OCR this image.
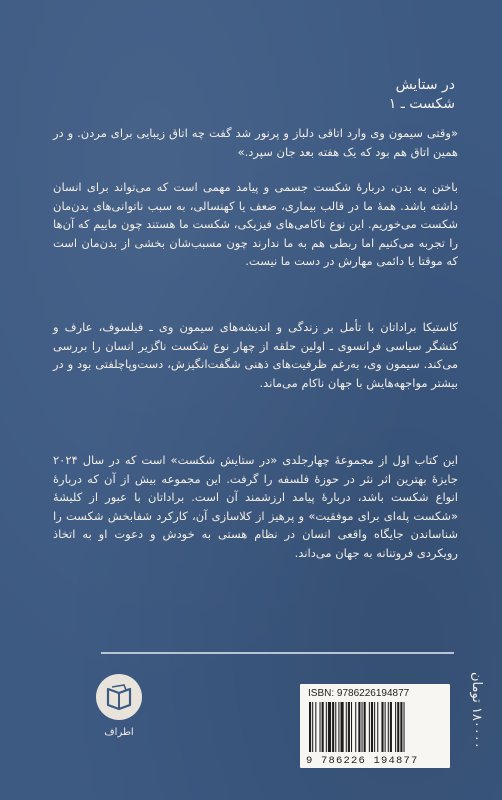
در ستایش
شکست ـ ۱

«وقتی سیمون وی وارد اتاقی دلباز و پرنور شد گفت چه اتاق زیبایی برای مردن. و در همین اتاق هم بود که یک هفته بعد جان سپرد.»

باختن به بدن، دربارهٔ شکست جسمی و پیامد مهمی است که می‌تواند برای انسان داشته باشد. همهٔ ما در قالب بیماری، ضعف یا کهنسالی، به سبب ناتوانی‌های بدن‌مان شکست می‌خوریم. این نوع ناکامی‌های فیزیکی، شکست ما هستند چون ماییم که آن‌ها را تجربه می‌کنیم اما ربطی هم به ما ندارند چون مسبب‌شان بخشی از بدن‌مان است که موقتا یا دائمی مهارش در دست ما نیست.

کاستیکا براداتان با تأمل بر زندگی و اندیشه‌های سیمون وی ـ فیلسوف، عارف و کنشگر سیاسی فرانسوی ـ اولین حلقه از چهار نوع شکست ناگزیر انسان را بررسی می‌کند. سیمون وی، به‌رغم ظرفیت‌های ذهنی شگفت‌انگیزش، دست‌وپاچلفتی بود و در بیشتر مواجهه‌هایش با جهان ناکام می‌ماند.

این کتاب اول از مجموعهٔ چهارجلدی «در ستایش شکست» است که در سال ۲۰۲۴ جایزهٔ بهترین اثر نثر در حوزهٔ فلسفه را گرفت. این مجموعه بیش از آن که دربارهٔ انواع شکست باشد، دربارهٔ پیامد ارزشمند آن است. براداتان با عبور از کلیشهٔ «شکست پله‌ای برای موفقیت» و پرهیز از کلاسازی آن، کارکرد شفابخش شکست را شناساندن جایگاه واقعی انسان در نظام هستی به خودش و دعوت او به اتخاذ رویکردی فروتنانه به جهان می‌داند.

اطراف
ISBN: 9786226194877
9 786226 194877
۱۸۰۰۰۰ تومان
